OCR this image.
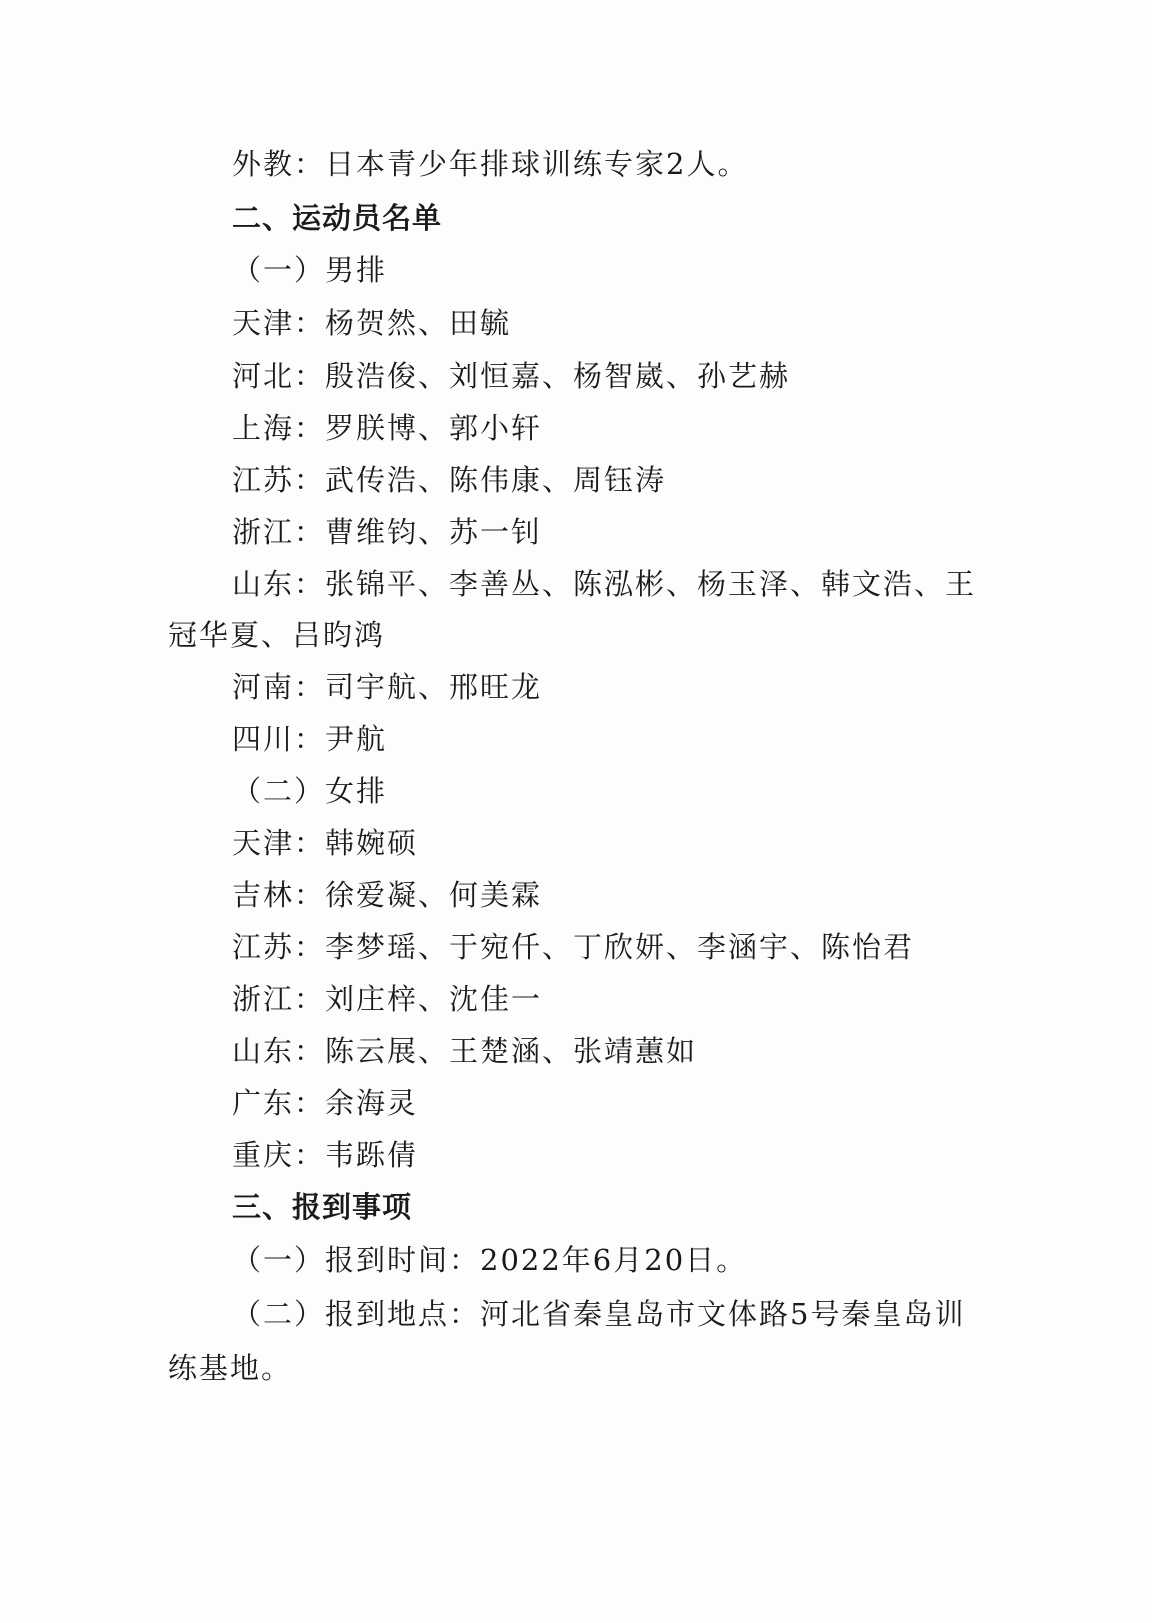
外教：日本青少年排球训练专家2人。
二、运动员名单
（一）男排
天津：杨贺然、田毓
河北：殷浩俊、刘恒嘉、杨智崴、孙艺赫
上海：罗朕博、郭小轩
江苏：武传浩、陈伟康、周钰涛
浙江：曹维钧、苏一钊
山东：张锦平、李善丛、陈泓彬、杨玉泽、韩文浩、王
冠华夏、吕昀鸿
河南：司宇航、邢旺龙
四川：尹航
（二）女排
天津：韩婉硕
吉林：徐爱凝、何美霖
江苏：李梦瑶、于宛仟、丁欣妍、李涵宇、陈怡君
浙江：刘庄梓、沈佳一
山东：陈云展、王楚涵、张靖蕙如
广东：余海灵
重庆：韦跞倩
三、报到事项
（一）报到时间：2022年6月20日。
（二）报到地点：河北省秦皇岛市文体路5号秦皇岛训
练基地。
